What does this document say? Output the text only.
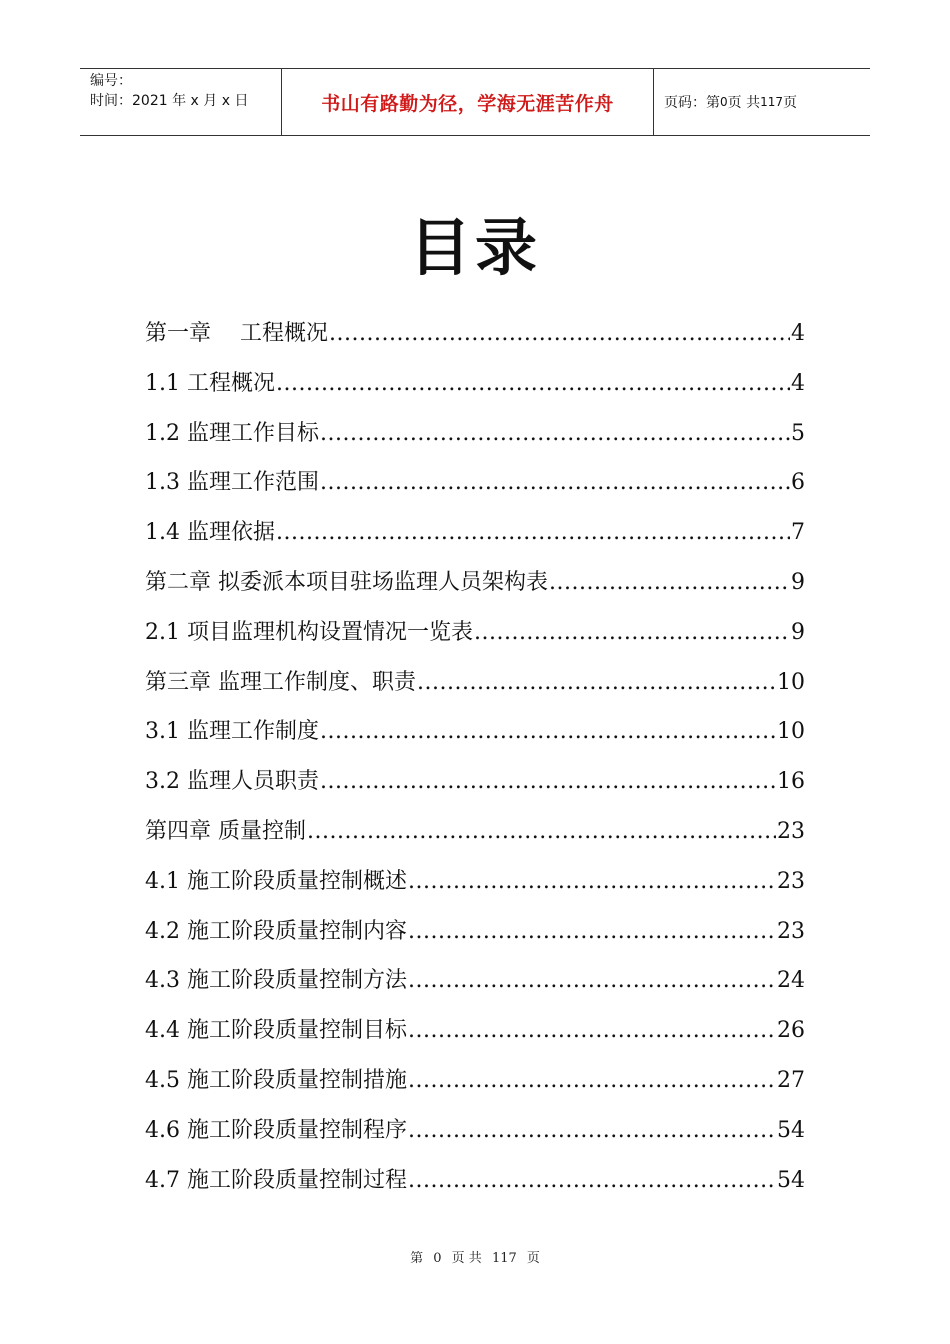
编号：
时间：2021 年 x 月 x 日	书山有路勤为径，学海无涯苦作舟	页码：第 0 页 共 117 页
目录
第一章　 工程概况 .....	4
1.1 工程概况 .....	4
1.2 监理工作目标 .....	5
1.3 监理工作范围 .....	6
1.4 监理依据 .....	7
第二章 拟委派本项目驻场监理人员架构表 .....	9
2.1 项目监理机构设置情况一览表 .....	9
第三章 监理工作制度、职责 .....	10
3.1 监理工作制度 .....	10
3.2 监理人员职责 .....	16
第四章 质量控制 .....	23
4.1 施工阶段质量控制概述 .....	23
4.2 施工阶段质量控制内容 .....	23
4.3 施工阶段质量控制方法 .....	24
4.4 施工阶段质量控制目标 .....	26
4.5 施工阶段质量控制措施 .....	27
4.6 施工阶段质量控制程序 .....	54
4.7 施工阶段质量控制过程 .....	54
第 0 页 共 117 页
